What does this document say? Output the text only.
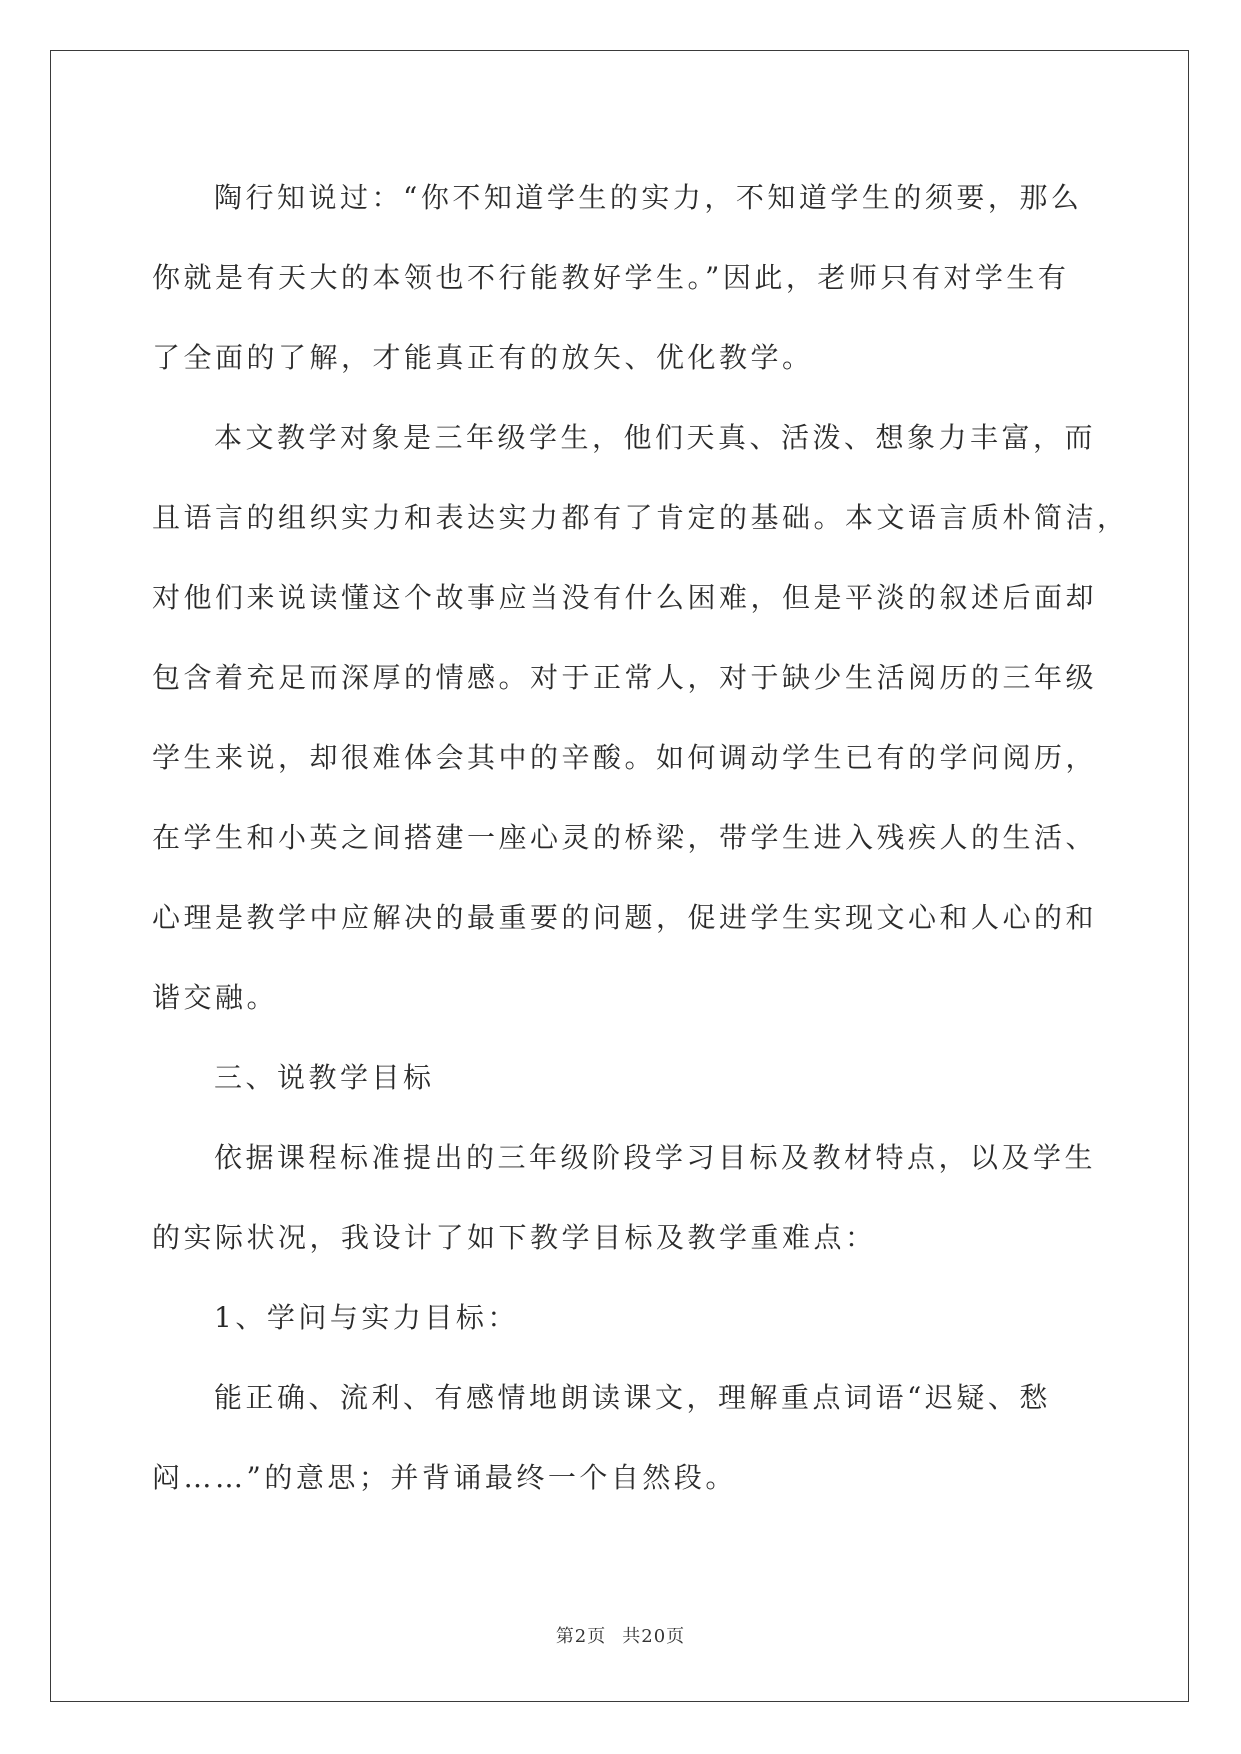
陶行知说过：“你不知道学生的实力，不知道学生的须要，那么
你就是有天大的本领也不行能教好学生。”因此，老师只有对学生有
了全面的了解，才能真正有的放矢、优化教学。

本文教学对象是三年级学生，他们天真、活泼、想象力丰富，而
且语言的组织实力和表达实力都有了肯定的基础。本文语言质朴简洁，
对他们来说读懂这个故事应当没有什么困难，但是平淡的叙述后面却
包含着充足而深厚的情感。对于正常人，对于缺少生活阅历的三年级
学生来说，却很难体会其中的辛酸。如何调动学生已有的学问阅历，
在学生和小英之间搭建一座心灵的桥梁，带学生进入残疾人的生活、
心理是教学中应解决的最重要的问题，促进学生实现文心和人心的和
谐交融。

三、说教学目标

依据课程标准提出的三年级阶段学习目标及教材特点，以及学生
的实际状况，我设计了如下教学目标及教学重难点：

1、学问与实力目标：

能正确、流利、有感情地朗读课文，理解重点词语“迟疑、愁
闷……”的意思；并背诵最终一个自然段。

第2页 共20页
